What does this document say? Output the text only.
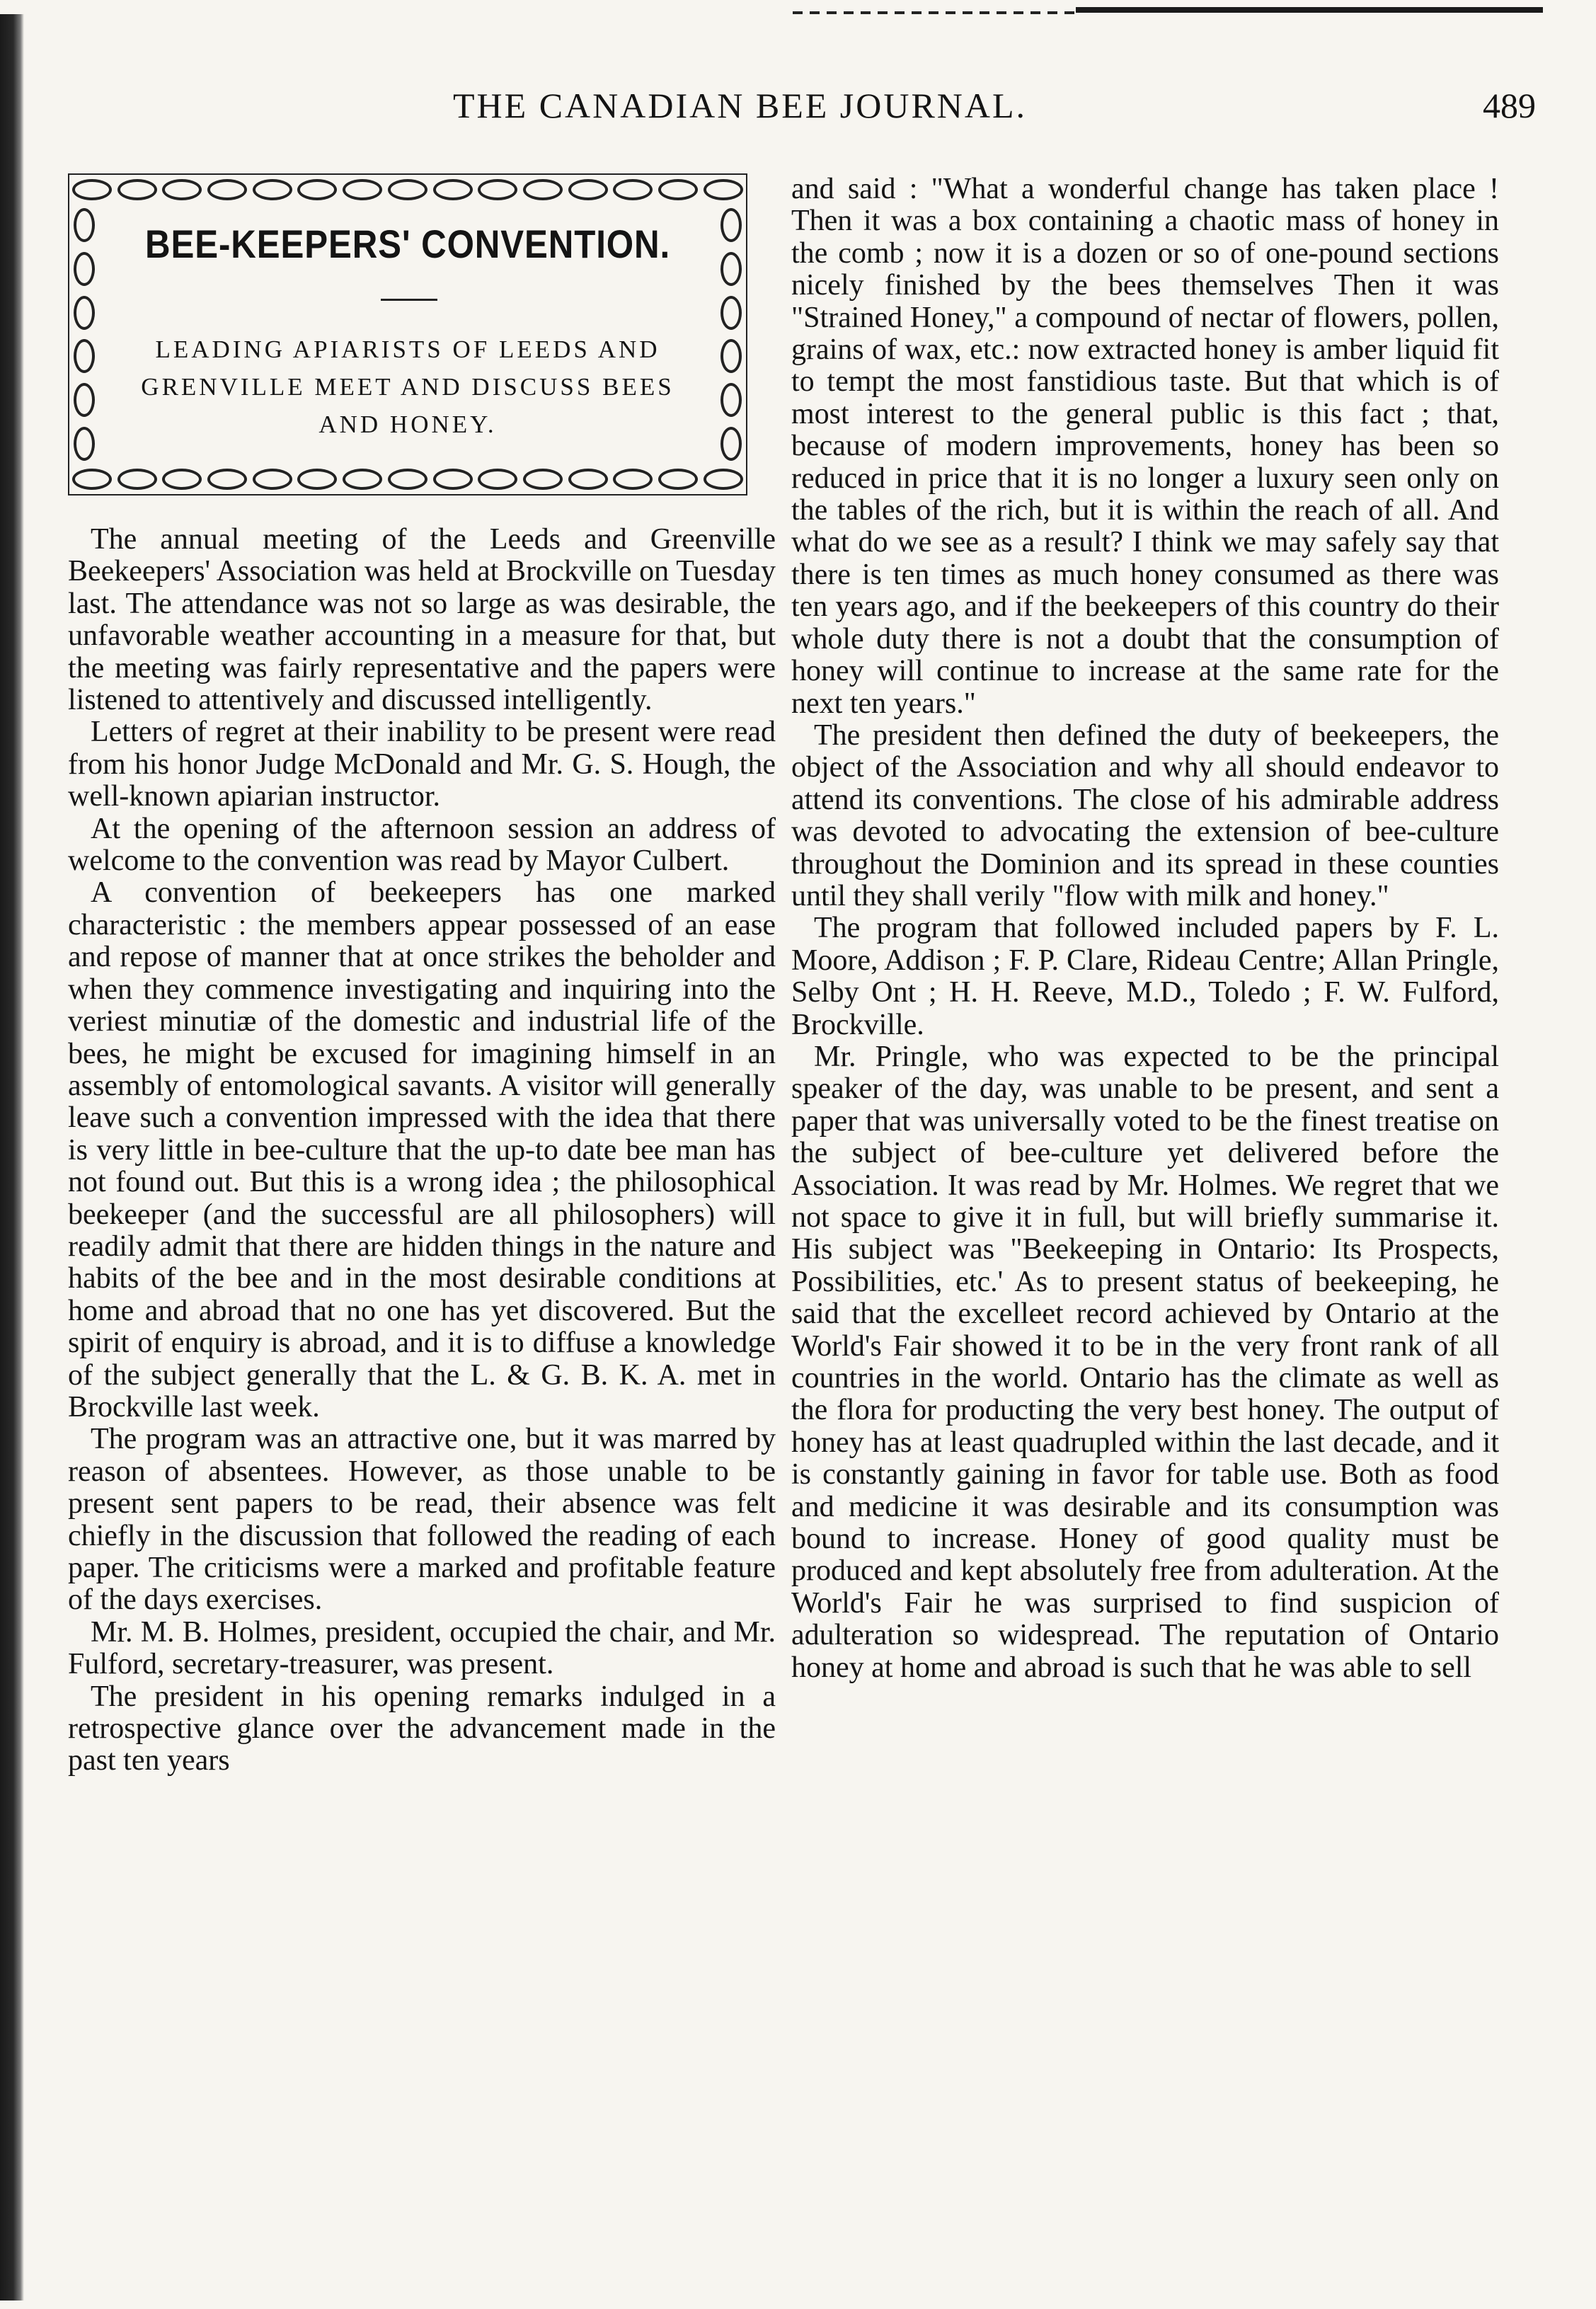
THE CANADIAN BEE JOURNAL.	489
BEE-KEEPERS' CONVENTION.
LEADING APIARISTS OF LEEDS AND GRENVILLE MEET AND DISCUSS BEES AND HONEY.

The annual meeting of the Leeds and Greenville Beekeepers' Association was held at Brockville on Tuesday last. The attendance was not so large as was desirable, the unfavorable weather accounting in a measure for that, but the meeting was fairly representative and the papers were listened to attentively and discussed intelligently.

Letters of regret at their inability to be present were read from his honor Judge McDonald and Mr. G. S. Hough, the well-known apiarian instructor.

At the opening of the afternoon session an address of welcome to the convention was read by Mayor Culbert.

A convention of beekeepers has one marked characteristic : the members appear possessed of an ease and repose of manner that at once strikes the beholder and when they commence investigating and inquiring into the veriest minutiæ of the domestic and industrial life of the bees, he might be excused for imagining himself in an assembly of entomological savants. A visitor will generally leave such a convention impressed with the idea that there is very little in bee-culture that the up-to date bee man has not found out. But this is a wrong idea ; the philosophical beekeeper (and the successful are all philosophers) will readily admit that there are hidden things in the nature and habits of the bee and in the most desirable conditions at home and abroad that no one has yet discovered. But the spirit of enquiry is abroad, and it is to diffuse a knowledge of the subject generally that the L. & G. B. K. A. met in Brockville last week.

The program was an attractive one, but it was marred by reason of absentees. However, as those unable to be present sent papers to be read, their absence was felt chiefly in the discussion that followed the reading of each paper. The criticisms were a marked and profitable feature of the days exercises.

Mr. M. B. Holmes, president, occupied the chair, and Mr. Fulford, secretary-treasurer, was present.

The president in his opening remarks indulged in a retrospective glance over the advancement made in the past ten years

and said : "What a wonderful change has taken place ! Then it was a box containing a chaotic mass of honey in the comb ; now it is a dozen or so of one-pound sections nicely finished by the bees themselves Then it was "Strained Honey," a compound of nectar of flowers, pollen, grains of wax, etc.: now extracted honey is amber liquid fit to tempt the most fanstidious taste. But that which is of most interest to the general public is this fact ; that, because of modern improvements, honey has been so reduced in price that it is no longer a luxury seen only on the tables of the rich, but it is within the reach of all. And what do we see as a result? I think we may safely say that there is ten times as much honey consumed as there was ten years ago, and if the beekeepers of this country do their whole duty there is not a doubt that the consumption of honey will continue to increase at the same rate for the next ten years."

The president then defined the duty of beekeepers, the object of the Association and why all should endeavor to attend its conventions. The close of his admirable address was devoted to advocating the extension of bee-culture throughout the Dominion and its spread in these counties until they shall verily "flow with milk and honey."

The program that followed included papers by F. L. Moore, Addison ; F. P. Clare, Rideau Centre; Allan Pringle, Selby Ont ; H. H. Reeve, M.D., Toledo ; F. W. Fulford, Brockville.

Mr. Pringle, who was expected to be the principal speaker of the day, was unable to be present, and sent a paper that was universally voted to be the finest treatise on the subject of bee-culture yet delivered before the Association. It was read by Mr. Holmes. We regret that we not space to give it in full, but will briefly summarise it. His subject was "Beekeeping in Ontario: Its Prospects, Possibilities, etc.' As to present status of beekeeping, he said that the excelleet record achieved by Ontario at the World's Fair showed it to be in the very front rank of all countries in the world. Ontario has the climate as well as the flora for producting the very best honey. The output of honey has at least quadrupled within the last decade, and it is constantly gaining in favor for table use. Both as food and medicine it was desirable and its consumption was bound to increase. Honey of good quality must be produced and kept absolutely free from adulteration. At the World's Fair he was surprised to find suspicion of adulteration so widespread. The reputation of Ontario honey at home and abroad is such that he was able to sell
